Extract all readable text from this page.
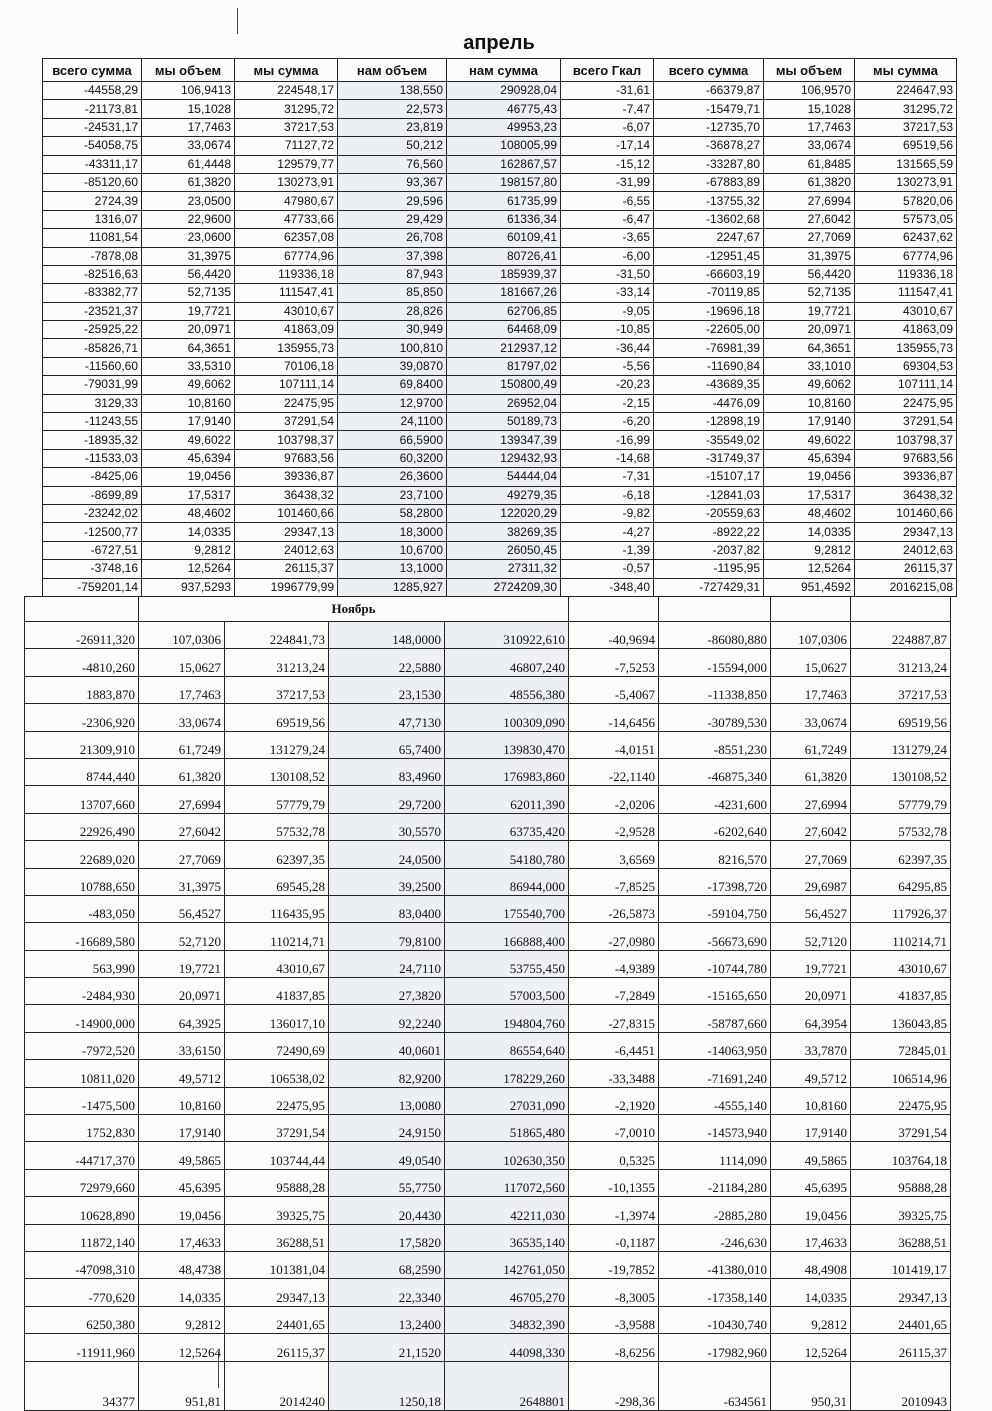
апрель
всего сумма	мы объем	мы сумма	нам объем	нам сумма	всего Гкал	всего сумма	мы объем	мы сумма
-44558,29	106,9413	224548,17	138,550	290928,04	-31,61	-66379,87	106,9570	224647,93
-21173,81	15,1028	31295,72	22,573	46775,43	-7,47	-15479,71	15,1028	31295,72
-24531,17	17,7463	37217,53	23,819	49953,23	-6,07	-12735,70	17,7463	37217,53
-54058,75	33,0674	71127,72	50,212	108005,99	-17,14	-36878,27	33,0674	69519,56
-43311,17	61,4448	129579,77	76,560	162867,57	-15,12	-33287,80	61,8485	131565,59
-85120,60	61,3820	130273,91	93,367	198157,80	-31,99	-67883,89	61,3820	130273,91
2724,39	23,0500	47980,67	29,596	61735,99	-6,55	-13755,32	27,6994	57820,06
1316,07	22,9600	47733,66	29,429	61336,34	-6,47	-13602,68	27,6042	57573,05
11081,54	23,0600	62357,08	26,708	60109,41	-3,65	2247,67	27,7069	62437,62
-7878,08	31,3975	67774,96	37,398	80726,41	-6,00	-12951,45	31,3975	67774,96
-82516,63	56,4420	119336,18	87,943	185939,37	-31,50	-66603,19	56,4420	119336,18
-83382,77	52,7135	111547,41	85,850	181667,26	-33,14	-70119,85	52,7135	111547,41
-23521,37	19,7721	43010,67	28,826	62706,85	-9,05	-19696,18	19,7721	43010,67
-25925,22	20,0971	41863,09	30,949	64468,09	-10,85	-22605,00	20,0971	41863,09
-85826,71	64,3651	135955,73	100,810	212937,12	-36,44	-76981,39	64,3651	135955,73
-11560,60	33,5310	70106,18	39,0870	81797,02	-5,56	-11690,84	33,1010	69304,53
-79031,99	49,6062	107111,14	69,8400	150800,49	-20,23	-43689,35	49,6062	107111,14
3129,33	10,8160	22475,95	12,9700	26952,04	-2,15	-4476,09	10,8160	22475,95
-11243,55	17,9140	37291,54	24,1100	50189,73	-6,20	-12898,19	17,9140	37291,54
-18935,32	49,6022	103798,37	66,5900	139347,39	-16,99	-35549,02	49,6022	103798,37
-11533,03	45,6394	97683,56	60,3200	129432,93	-14,68	-31749,37	45,6394	97683,56
-8425,06	19,0456	39336,87	26,3600	54444,04	-7,31	-15107,17	19,0456	39336,87
-8699,89	17,5317	36438,32	23,7100	49279,35	-6,18	-12841,03	17,5317	36438,32
-23242,02	48,4602	101460,66	58,2800	122020,29	-9,82	-20559,63	48,4602	101460,66
-12500,77	14,0335	29347,13	18,3000	38269,35	-4,27	-8922,22	14,0335	29347,13
-6727,51	9,2812	24012,63	10,6700	26050,45	-1,39	-2037,82	9,2812	24012,63
-3748,16	12,5264	26115,37	13,1000	27311,32	-0,57	-1195,95	12,5264	26115,37
-759201,14	937,5293	1996779,99	1285,927	2724209,30	-348,40	-727429,31	951,4592	2016215,08
	Ноябрь							
-26911,320	107,0306	224841,73	148,0000	310922,610	-40,9694	-86080,880	107,0306	224887,87
-4810,260	15,0627	31213,24	22,5880	46807,240	-7,5253	-15594,000	15,0627	31213,24
1883,870	17,7463	37217,53	23,1530	48556,380	-5,4067	-11338,850	17,7463	37217,53
-2306,920	33,0674	69519,56	47,7130	100309,090	-14,6456	-30789,530	33,0674	69519,56
21309,910	61,7249	131279,24	65,7400	139830,470	-4,0151	-8551,230	61,7249	131279,24
8744,440	61,3820	130108,52	83,4960	176983,860	-22,1140	-46875,340	61,3820	130108,52
13707,660	27,6994	57779,79	29,7200	62011,390	-2,0206	-4231,600	27,6994	57779,79
22926,490	27,6042	57532,78	30,5570	63735,420	-2,9528	-6202,640	27,6042	57532,78
22689,020	27,7069	62397,35	24,0500	54180,780	3,6569	8216,570	27,7069	62397,35
10788,650	31,3975	69545,28	39,2500	86944,000	-7,8525	-17398,720	29,6987	64295,85
-483,050	56,4527	116435,95	83,0400	175540,700	-26,5873	-59104,750	56,4527	117926,37
-16689,580	52,7120	110214,71	79,8100	166888,400	-27,0980	-56673,690	52,7120	110214,71
563,990	19,7721	43010,67	24,7110	53755,450	-4,9389	-10744,780	19,7721	43010,67
-2484,930	20,0971	41837,85	27,3820	57003,500	-7,2849	-15165,650	20,0971	41837,85
-14900,000	64,3925	136017,10	92,2240	194804,760	-27,8315	-58787,660	64,3954	136043,85
-7972,520	33,6150	72490,69	40,0601	86554,640	-6,4451	-14063,950	33,7870	72845,01
10811,020	49,5712	106538,02	82,9200	178229,260	-33,3488	-71691,240	49,5712	106514,96
-1475,500	10,8160	22475,95	13,0080	27031,090	-2,1920	-4555,140	10,8160	22475,95
1752,830	17,9140	37291,54	24,9150	51865,480	-7,0010	-14573,940	17,9140	37291,54
-44717,370	49,5865	103744,44	49,0540	102630,350	0,5325	1114,090	49,5865	103764,18
72979,660	45,6395	95888,28	55,7750	117072,560	-10,1355	-21184,280	45,6395	95888,28
10628,890	19,0456	39325,75	20,4430	42211,030	-1,3974	-2885,280	19,0456	39325,75
11872,140	17,4633	36288,51	17,5820	36535,140	-0,1187	-246,630	17,4633	36288,51
-47098,310	48,4738	101381,04	68,2590	142761,050	-19,7852	-41380,010	48,4908	101419,17
-770,620	14,0335	29347,13	22,3340	46705,270	-8,3005	-17358,140	14,0335	29347,13
6250,380	9,2812	24401,65	13,2400	34832,390	-3,9588	-10430,740	9,2812	24401,65
-11911,960	12,5264	26115,37	21,1520	44098,330	-8,6256	-17982,960	12,5264	26115,37
34377	951,81	2014240	1250,18	2648801	-298,36	-634561	950,31	2010943
